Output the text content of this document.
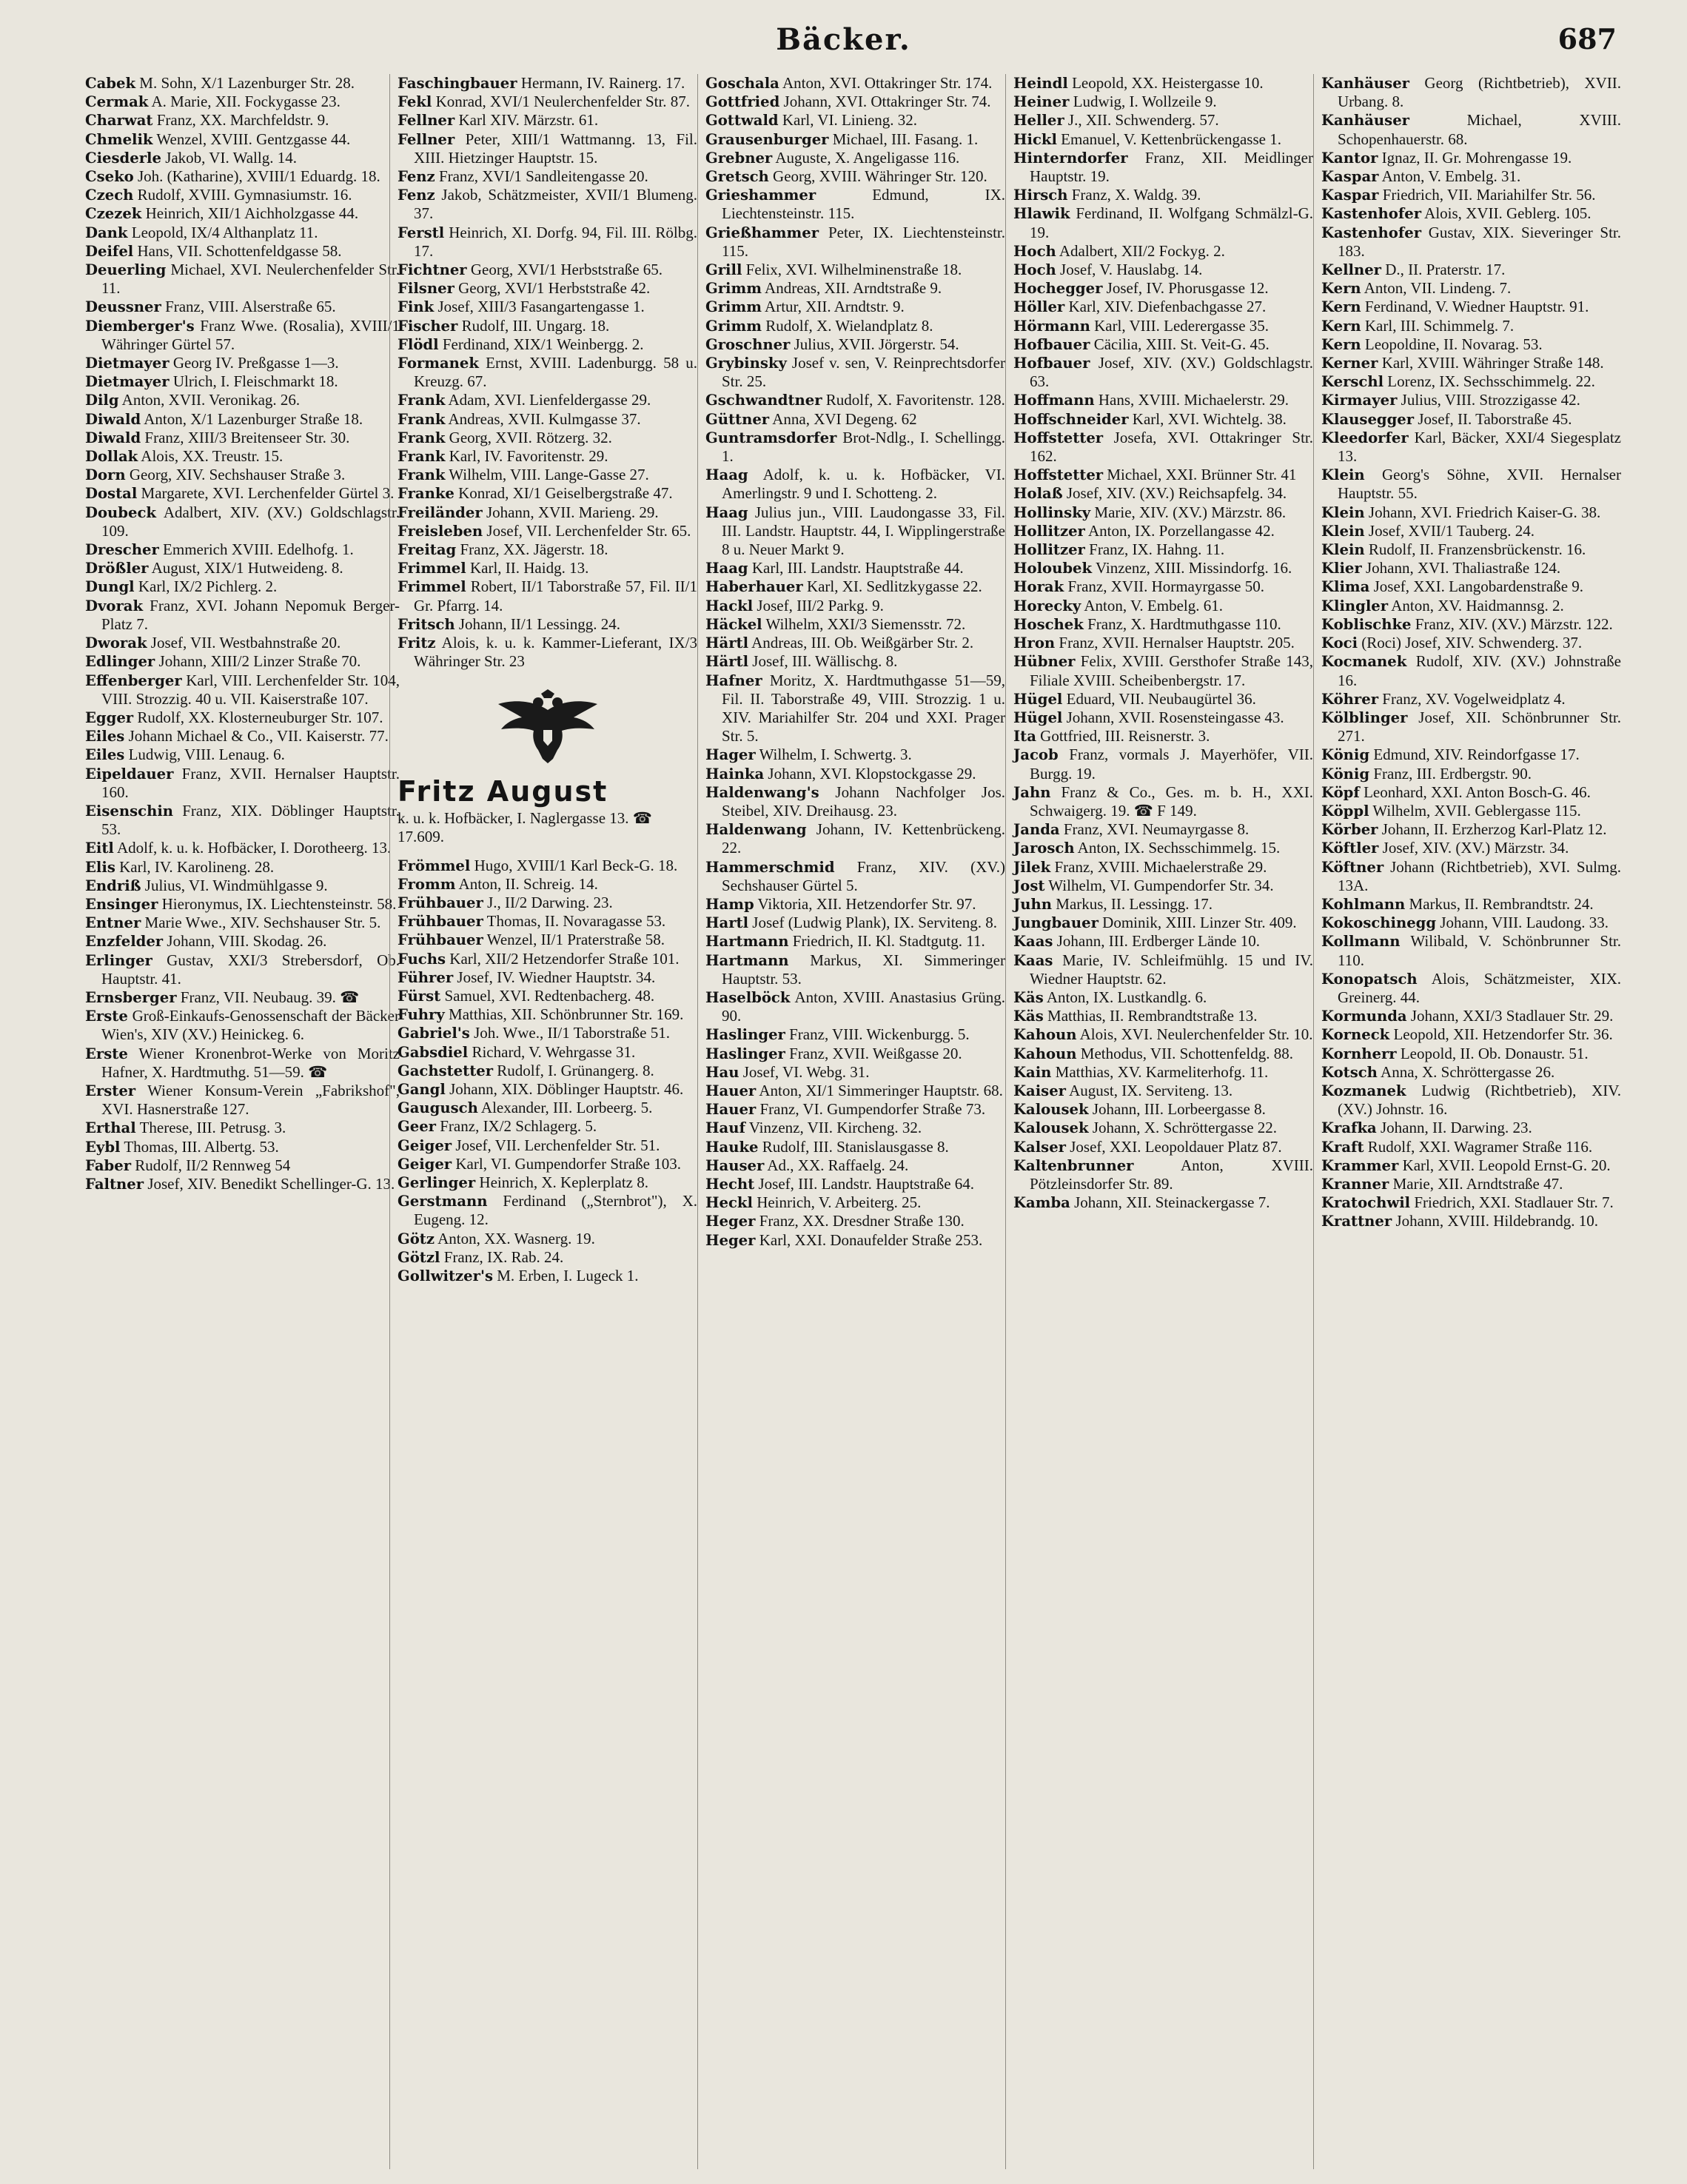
Bäcker.	687

Cabek M. Sohn, X/1 Lazenburger Str. 28.

Cermak A. Marie, XII. Fockygasse 23.

Charwat Franz, XX. Marchfeldstr. 9.

Chmelik Wenzel, XVIII. Gentzgasse 44.

Ciesderle Jakob, VI. Wallg. 14.

Cseko Joh. (Katharine), XVIII/1 Eduardg. 18.

Czech Rudolf, XVIII. Gymnasiumstr. 16.

Czezek Heinrich, XII/1 Aichholzgasse 44.

Dank Leopold, IX/4 Althanplatz 11.

Deifel Hans, VII. Schottenfeldgasse 58.

Deuerling Michael, XVI. Neulerchenfelder Str. 11.

Deussner Franz, VIII. Alserstraße 65.

Diemberger's Franz Wwe. (Rosalia), XVIII/1 Währinger Gürtel 57.

Dietmayer Georg IV. Preßgasse 1—3.

Dietmayer Ulrich, I. Fleischmarkt 18.

Dilg Anton, XVII. Veronikag. 26.

Diwald Anton, X/1 Lazenburger Straße 18.

Diwald Franz, XIII/3 Breitenseer Str. 30.

Dollak Alois, XX. Treustr. 15.

Dorn Georg, XIV. Sechshauser Straße 3.

Dostal Margarete, XVI. Lerchenfelder Gürtel 3.

Doubeck Adalbert, XIV. (XV.) Goldschlagstr. 109.

Drescher Emmerich XVIII. Edelhofg. 1.

Drößler August, XIX/1 Hutweideng. 8.

Dungl Karl, IX/2 Pichlerg. 2.

Dvorak Franz, XVI. Johann Nepomuk Berger-Platz 7.

Dworak Josef, VII. Westbahnstraße 20.

Edlinger Johann, XIII/2 Linzer Straße 70.

Effenberger Karl, VIII. Lerchenfelder Str. 104, VIII. Strozzig. 40 u. VII. Kaiserstraße 107.

Egger Rudolf, XX. Klosterneuburger Str. 107.

Eiles Johann Michael & Co., VII. Kaiserstr. 77.

Eiles Ludwig, VIII. Lenaug. 6.

Eipeldauer Franz, XVII. Hernalser Hauptstr. 160.

Eisenschin Franz, XIX. Döblinger Hauptstr. 53.

Eitl Adolf, k. u. k. Hofbäcker, I. Dorotheerg. 13.

Elis Karl, IV. Karolineng. 28.

Endriß Julius, VI. Windmühlgasse 9.

Ensinger Hieronymus, IX. Liechtensteinstr. 58.

Entner Marie Wwe., XIV. Sechshauser Str. 5.

Enzfelder Johann, VIII. Skodag. 26.

Erlinger Gustav, XXI/3 Strebersdorf, Ob. Hauptstr. 41.

Ernsberger Franz, VII. Neubaug. 39. ☎

Erste Groß-Einkaufs-Genossenschaft der Bäcker Wien's, XIV (XV.) Heinickeg. 6.

Erste Wiener Kronenbrot-Werke von Moritz Hafner, X. Hardtmuthg. 51—59. ☎

Erster Wiener Konsum-Verein „Fabrikshof", XVI. Hasnerstraße 127.

Erthal Therese, III. Petrusg. 3.

Eybl Thomas, III. Albertg. 53.

Faber Rudolf, II/2 Rennweg 54

Faltner Josef, XIV. Benedikt Schellinger-G. 13.

Faschingbauer Hermann, IV. Rainerg. 17.

Fekl Konrad, XVI/1 Neulerchenfelder Str. 87.

Fellner Karl XIV. Märzstr. 61.

Fellner Peter, XIII/1 Wattmanng. 13, Fil. XIII. Hietzinger Hauptstr. 15.

Fenz Franz, XVI/1 Sandleitengasse 20.

Fenz Jakob, Schätzmeister, XVII/1 Blumeng. 37.

Ferstl Heinrich, XI. Dorfg. 94, Fil. III. Rölbg. 17.

Fichtner Georg, XVI/1 Herbststraße 65.

Filsner Georg, XVI/1 Herbststraße 42.

Fink Josef, XIII/3 Fasangartengasse 1.

Fischer Rudolf, III. Ungarg. 18.

Flödl Ferdinand, XIX/1 Weinbergg. 2.

Formanek Ernst, XVIII. Ladenburgg. 58 u. Kreuzg. 67.

Frank Adam, XVI. Lienfeldergasse 29.

Frank Andreas, XVII. Kulmgasse 37.

Frank Georg, XVII. Rötzerg. 32.

Frank Karl, IV. Favoritenstr. 29.

Frank Wilhelm, VIII. Lange-Gasse 27.

Franke Konrad, XI/1 Geiselbergstraße 47.

Freiländer Johann, XVII. Marieng. 29.

Freisleben Josef, VII. Lerchenfelder Str. 65.

Freitag Franz, XX. Jägerstr. 18.

Frimmel Karl, II. Haidg. 13.

Frimmel Robert, II/1 Taborstraße 57, Fil. II/1 Gr. Pfarrg. 14.

Fritsch Johann, II/1 Lessingg. 24.

Fritz Alois, k. u. k. Kammer-Lieferant, IX/3 Währinger Str. 23

Fritz August

k. u. k. Hofbäcker, I. Naglergasse 13. ☎ 17.609.

Frömmel Hugo, XVIII/1 Karl Beck-G. 18.

Fromm Anton, II. Schreig. 14.

Frühbauer J., II/2 Darwing. 23.

Frühbauer Thomas, II. Novaragasse 53.

Frühbauer Wenzel, II/1 Praterstraße 58.

Fuchs Karl, XII/2 Hetzendorfer Straße 101.

Führer Josef, IV. Wiedner Hauptstr. 34.

Fürst Samuel, XVI. Redtenbacherg. 48.

Fuhry Matthias, XII. Schönbrunner Str. 169.

Gabriel's Joh. Wwe., II/1 Taborstraße 51.

Gabsdiel Richard, V. Wehrgasse 31.

Gachstetter Rudolf, I. Grünangerg. 8.

Gangl Johann, XIX. Döblinger Hauptstr. 46.

Gaugusch Alexander, III. Lorbeerg. 5.

Geer Franz, IX/2 Schlagerg. 5.

Geiger Josef, VII. Lerchenfelder Str. 51.

Geiger Karl, VI. Gumpendorfer Straße 103.

Gerlinger Heinrich, X. Keplerplatz 8.

Gerstmann Ferdinand („Sternbrot"), X. Eugeng. 12.

Götz Anton, XX. Wasnerg. 19.

Götzl Franz, IX. Rab. 24.

Gollwitzer's M. Erben, I. Lugeck 1.

Goschala Anton, XVI. Ottakringer Str. 174.

Gottfried Johann, XVI. Ottakringer Str. 74.

Gottwald Karl, VI. Linieng. 32.

Grausenburger Michael, III. Fasang. 1.

Grebner Auguste, X. Angeligasse 116.

Gretsch Georg, XVIII. Währinger Str. 120.

Grieshammer Edmund, IX. Liechtensteinstr. 115.

Grießhammer Peter, IX. Liechtensteinstr. 115.

Grill Felix, XVI. Wilhelminenstraße 18.

Grimm Andreas, XII. Arndtstraße 9.

Grimm Artur, XII. Arndtstr. 9.

Grimm Rudolf, X. Wielandplatz 8.

Groschner Julius, XVII. Jörgerstr. 54.

Grybinsky Josef v. sen, V. Reinprechtsdorfer Str. 25.

Gschwandtner Rudolf, X. Favoritenstr. 128.

Güttner Anna, XVI Degeng. 62

Guntramsdorfer Brot-Ndlg., I. Schellingg. 1.

Haag Adolf, k. u. k. Hofbäcker, VI. Amerlingstr. 9 und I. Schotteng. 2.

Haag Julius jun., VIII. Laudongasse 33, Fil. III. Landstr. Hauptstr. 44, I. Wipplingerstraße 8 u. Neuer Markt 9.

Haag Karl, III. Landstr. Hauptstraße 44.

Haberhauer Karl, XI. Sedlitzkygasse 22.

Hackl Josef, III/2 Parkg. 9.

Häckel Wilhelm, XXI/3 Siemensstr. 72.

Härtl Andreas, III. Ob. Weißgärber Str. 2.

Härtl Josef, III. Wällischg. 8.

Hafner Moritz, X. Hardtmuthgasse 51—59, Fil. II. Taborstraße 49, VIII. Strozzig. 1 u. XIV. Mariahilfer Str. 204 und XXI. Prager Str. 5.

Hager Wilhelm, I. Schwertg. 3.

Hainka Johann, XVI. Klopstockgasse 29.

Haldenwang's Johann Nachfolger Jos. Steibel, XIV. Dreihausg. 23.

Haldenwang Johann, IV. Kettenbrückeng. 22.

Hammerschmid Franz, XIV. (XV.) Sechshauser Gürtel 5.

Hamp Viktoria, XII. Hetzendorfer Str. 97.

Hartl Josef (Ludwig Plank), IX. Serviteng. 8.

Hartmann Friedrich, II. Kl. Stadtgutg. 11.

Hartmann Markus, XI. Simmeringer Hauptstr. 53.

Haselböck Anton, XVIII. Anastasius Grüng. 90.

Haslinger Franz, VIII. Wickenburgg. 5.

Haslinger Franz, XVII. Weißgasse 20.

Hau Josef, VI. Webg. 31.

Hauer Anton, XI/1 Simmeringer Hauptstr. 68.

Hauer Franz, VI. Gumpendorfer Straße 73.

Hauf Vinzenz, VII. Kircheng. 32.

Hauke Rudolf, III. Stanislausgasse 8.

Hauser Ad., XX. Raffaelg. 24.

Hecht Josef, III. Landstr. Hauptstraße 64.

Heckl Heinrich, V. Arbeiterg. 25.

Heger Franz, XX. Dresdner Straße 130.

Heger Karl, XXI. Donaufelder Straße 253.

Heindl Leopold, XX. Heistergasse 10.

Heiner Ludwig, I. Wollzeile 9.

Heller J., XII. Schwenderg. 57.

Hickl Emanuel, V. Kettenbrückengasse 1.

Hinterndorfer Franz, XII. Meidlinger Hauptstr. 19.

Hirsch Franz, X. Waldg. 39.

Hlawik Ferdinand, II. Wolfgang Schmälzl-G. 19.

Hoch Adalbert, XII/2 Fockyg. 2.

Hoch Josef, V. Hauslabg. 14.

Hochegger Josef, IV. Phorusgasse 12.

Höller Karl, XIV. Diefenbachgasse 27.

Hörmann Karl, VIII. Lederergasse 35.

Hofbauer Cäcilia, XIII. St. Veit-G. 45.

Hofbauer Josef, XIV. (XV.) Goldschlagstr. 63.

Hoffmann Hans, XVIII. Michaelerstr. 29.

Hoffschneider Karl, XVI. Wichtelg. 38.

Hoffstetter Josefa, XVI. Ottakringer Str. 162.

Hoffstetter Michael, XXI. Brünner Str. 41

Holaß Josef, XIV. (XV.) Reichsapfelg. 34.

Hollinsky Marie, XIV. (XV.) Märzstr. 86.

Hollitzer Anton, IX. Porzellangasse 42.

Hollitzer Franz, IX. Hahng. 11.

Holoubek Vinzenz, XIII. Missindorfg. 16.

Horak Franz, XVII. Hormayrgasse 50.

Horecky Anton, V. Embelg. 61.

Hoschek Franz, X. Hardtmuthgasse 110.

Hron Franz, XVII. Hernalser Hauptstr. 205.

Hübner Felix, XVIII. Gersthofer Straße 143, Filiale XVIII. Scheibenbergstr. 17.

Hügel Eduard, VII. Neubaugürtel 36.

Hügel Johann, XVII. Rosensteingasse 43.

Ita Gottfried, III. Reisnerstr. 3.

Jacob Franz, vormals J. Mayerhöfer, VII. Burgg. 19.

Jahn Franz & Co., Ges. m. b. H., XXI. Schwaigerg. 19. ☎ F 149.

Janda Franz, XVI. Neumayrgasse 8.

Jarosch Anton, IX. Sechsschimmelg. 15.

Jilek Franz, XVIII. Michaelerstraße 29.

Jost Wilhelm, VI. Gumpendorfer Str. 34.

Juhn Markus, II. Lessingg. 17.

Jungbauer Dominik, XIII. Linzer Str. 409.

Kaas Johann, III. Erdberger Lände 10.

Kaas Marie, IV. Schleifmühlg. 15 und IV. Wiedner Hauptstr. 62.

Käs Anton, IX. Lustkandlg. 6.

Käs Matthias, II. Rembrandtstraße 13.

Kahoun Alois, XVI. Neulerchenfelder Str. 10.

Kahoun Methodus, VII. Schottenfeldg. 88.

Kain Matthias, XV. Karmeliterhofg. 11.

Kaiser August, IX. Serviteng. 13.

Kalousek Johann, III. Lorbeergasse 8.

Kalousek Johann, X. Schröttergasse 22.

Kalser Josef, XXI. Leopoldauer Platz 87.

Kaltenbrunner Anton, XVIII. Pötzleinsdorfer Str. 89.

Kamba Johann, XII. Steinackergasse 7.

Kanhäuser Georg (Richtbetrieb), XVII. Urbang. 8.

Kanhäuser Michael, XVIII. Schopenhauerstr. 68.

Kantor Ignaz, II. Gr. Mohrengasse 19.

Kaspar Anton, V. Embelg. 31.

Kaspar Friedrich, VII. Mariahilfer Str. 56.

Kastenhofer Alois, XVII. Geblerg. 105.

Kastenhofer Gustav, XIX. Sieveringer Str. 183.

Kellner D., II. Praterstr. 17.

Kern Anton, VII. Lindeng. 7.

Kern Ferdinand, V. Wiedner Hauptstr. 91.

Kern Karl, III. Schimmelg. 7.

Kern Leopoldine, II. Novarag. 53.

Kerner Karl, XVIII. Währinger Straße 148.

Kerschl Lorenz, IX. Sechsschimmelg. 22.

Kirmayer Julius, VIII. Strozzigasse 42.

Klausegger Josef, II. Taborstraße 45.

Kleedorfer Karl, Bäcker, XXI/4 Siegesplatz 13.

Klein Georg's Söhne, XVII. Hernalser Hauptstr. 55.

Klein Johann, XVI. Friedrich Kaiser-G. 38.

Klein Josef, XVII/1 Tauberg. 24.

Klein Rudolf, II. Franzensbrückenstr. 16.

Klier Johann, XVI. Thaliastraße 124.

Klima Josef, XXI. Langobardenstraße 9.

Klingler Anton, XV. Haidmannsg. 2.

Koblischke Franz, XIV. (XV.) Märzstr. 122.

Koci (Roci) Josef, XIV. Schwenderg. 37.

Kocmanek Rudolf, XIV. (XV.) Johnstraße 16.

Köhrer Franz, XV. Vogelweidplatz 4.

Kölblinger Josef, XII. Schönbrunner Str. 271.

König Edmund, XIV. Reindorfgasse 17.

König Franz, III. Erdbergstr. 90.

Köpf Leonhard, XXI. Anton Bosch-G. 46.

Köppl Wilhelm, XVII. Geblergasse 115.

Körber Johann, II. Erzherzog Karl-Platz 12.

Köftler Josef, XIV. (XV.) Märzstr. 34.

Köftner Johann (Richtbetrieb), XVI. Sulmg. 13A.

Kohlmann Markus, II. Rembrandtstr. 24.

Kokoschinegg Johann, VIII. Laudong. 33.

Kollmann Wilibald, V. Schönbrunner Str. 110.

Konopatsch Alois, Schätzmeister, XIX. Greinerg. 44.

Kormunda Johann, XXI/3 Stadlauer Str. 29.

Korneck Leopold, XII. Hetzendorfer Str. 36.

Kornherr Leopold, II. Ob. Donaustr. 51.

Kotsch Anna, X. Schröttergasse 26.

Kozmanek Ludwig (Richtbetrieb), XIV. (XV.) Johnstr. 16.

Krafka Johann, II. Darwing. 23.

Kraft Rudolf, XXI. Wagramer Straße 116.

Krammer Karl, XVII. Leopold Ernst-G. 20.

Kranner Marie, XII. Arndtstraße 47.

Kratochwil Friedrich, XXI. Stadlauer Str. 7.

Krattner Johann, XVIII. Hildebrandg. 10.
